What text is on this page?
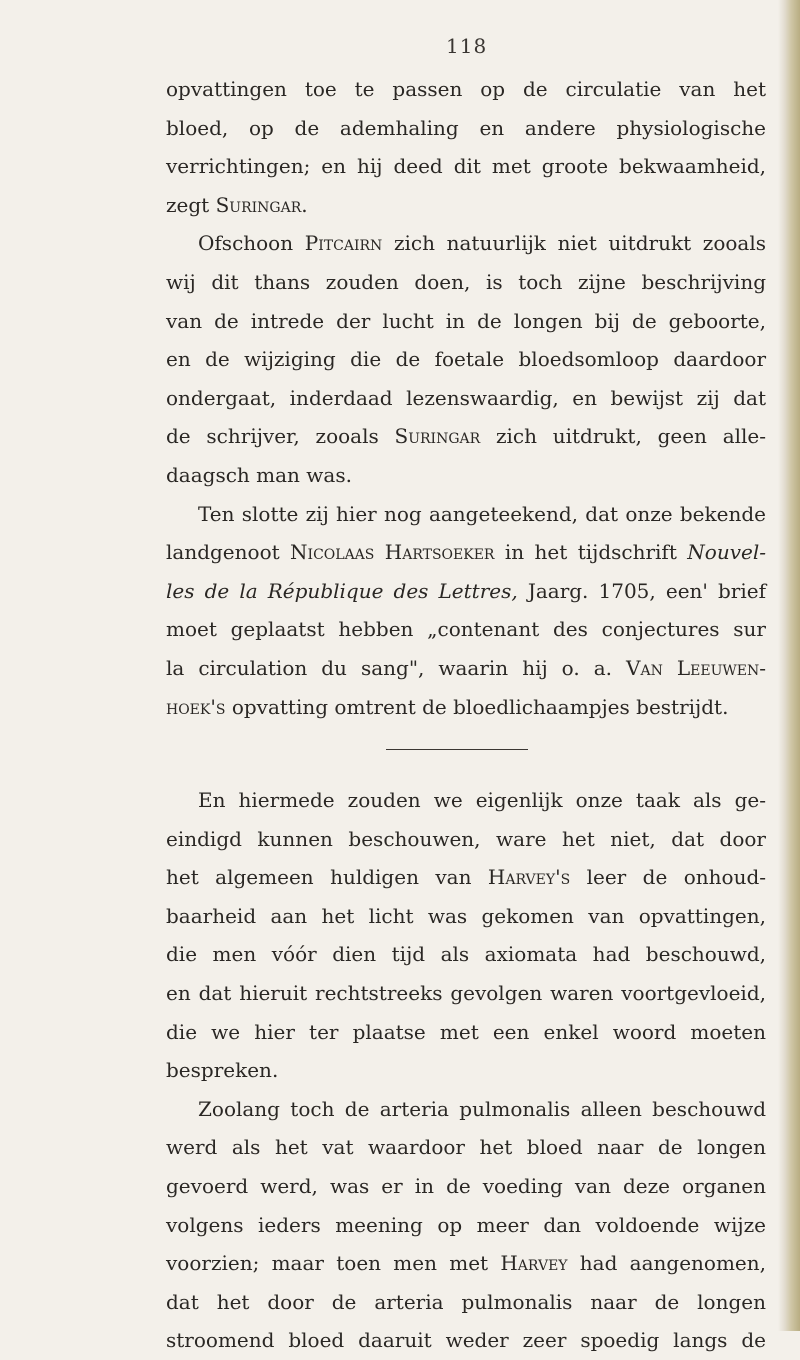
118
opvattingen toe te passen op de circulatie van het
bloed, op de ademhaling en andere physiologische
verrichtingen; en hij deed dit met groote bekwaamheid,
zegt Suringar.
Ofschoon Pitcairn zich natuurlijk niet uitdrukt zooals
wij dit thans zouden doen, is toch zijne beschrijving
van de intrede der lucht in de longen bij de geboorte,
en de wijziging die de foetale bloedsomloop daardoor
ondergaat, inderdaad lezenswaardig, en bewijst zij dat
de schrijver, zooals Suringar zich uitdrukt, geen alle-
daagsch man was.
Ten slotte zij hier nog aangeteekend, dat onze bekende
landgenoot Nicolaas Hartsoeker in het tijdschrift Nouvel-
les de la République des Lettres, Jaarg. 1705, een' brief
moet geplaatst hebben „contenant des conjectures sur
la circulation du sang", waarin hij o. a. Van Leeuwen-
hoek's opvatting omtrent de bloedlichaampjes bestrijdt.
En hiermede zouden we eigenlijk onze taak als ge-
eindigd kunnen beschouwen, ware het niet, dat door
het algemeen huldigen van Harvey's leer de onhoud-
baarheid aan het licht was gekomen van opvattingen,
die men vóór dien tijd als axiomata had beschouwd,
en dat hieruit rechtstreeks gevolgen waren voortgevloeid,
die we hier ter plaatse met een enkel woord moeten
bespreken.
Zoolang toch de arteria pulmonalis alleen beschouwd
werd als het vat waardoor het bloed naar de longen
gevoerd werd, was er in de voeding van deze organen
volgens ieders meening op meer dan voldoende wijze
voorzien; maar toen men met Harvey had aangenomen,
dat het door de arteria pulmonalis naar de longen
stroomend bloed daaruit weder zeer spoedig langs de
